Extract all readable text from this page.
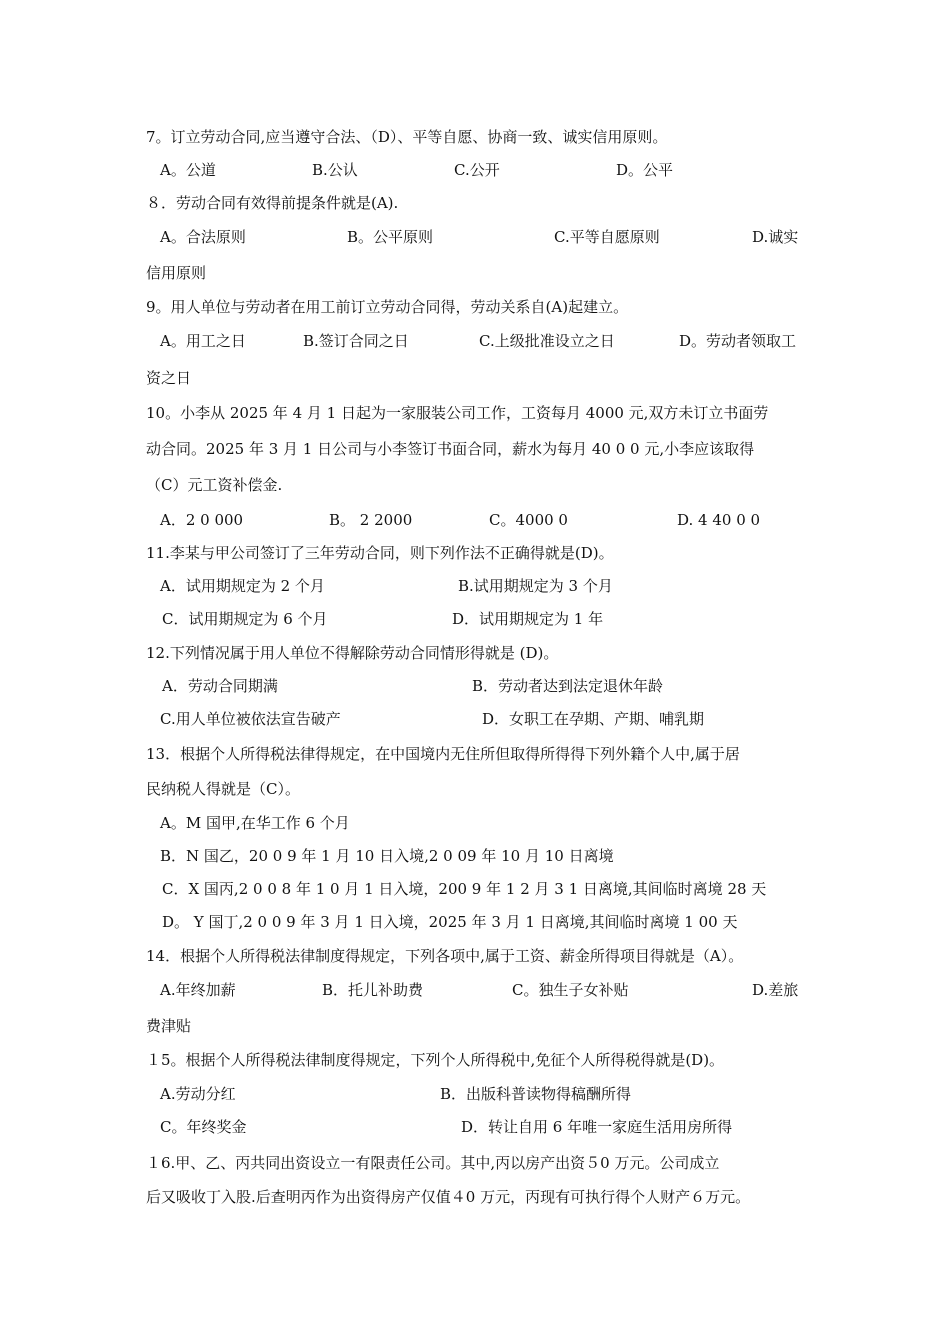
7。订立劳动合同,应当遵守合法、（D）、平等自愿、协商一致、诚实信用原则。
A。公道	B.公认	C.公开	D。公平
８．劳动合同有效得前提条件就是(A).
A。合法原则	B。公平原则	C.平等自愿原则	D.诚实
信用原则
9。用人单位与劳动者在用工前订立劳动合同得，劳动关系自(A)起建立。
A。用工之日	B.签订合同之日	C.上级批准设立之日	D。劳动者领取工
资之日
10。小李从 2025 年 4 月 1 日起为一家服装公司工作，工资每月 4000 元,双方未订立书面劳
动合同。2025 年 3 月 1 日公司与小李签订书面合同，薪水为每月 40 0 0 元,小李应该取得
（C）元工资补偿金.
A．2 0 000	B。 2 2000	C。4000 0	D. 4 40 0 0
11.李某与甲公司签订了三年劳动合同，则下列作法不正确得就是(D)。
A．试用期规定为 2 个月	B.试用期规定为 3 个月
C．试用期规定为 6 个月	D．试用期规定为 1 年
12.下列情况属于用人单位不得解除劳动合同情形得就是 (D)。
A．劳动合同期满	B．劳动者达到法定退休年龄
C.用人单位被依法宣告破产	D．女职工在孕期、产期、哺乳期
13．根据个人所得税法律得规定，在中国境内无住所但取得所得得下列外籍个人中,属于居
民纳税人得就是（C）。
A。M 国甲,在华工作 6 个月
B．N 国乙，20 0 9 年 1 月 10 日入境,2 0 09 年 10 月 10 日离境
C．X 国丙,2 0 0 8 年 1 0 月 1 日入境，200 9 年 1 2 月 3 1 日离境,其间临时离境 28 天
D。 Y 国丁,2 0 0 9 年 3 月 1 日入境，2025 年 3 月 1 日离境,其间临时离境 1 00 天
14．根据个人所得税法律制度得规定，下列各项中,属于工资、薪金所得项目得就是（A）。
A.年终加薪	B．托儿补助费	C。独生子女补贴	D.差旅
费津贴
１5。根据个人所得税法律制度得规定，下列个人所得税中,免征个人所得税得就是(D)。
A.劳动分红	B．出版科普读物得稿酬所得
C。年终奖金	D．转让自用 6 年唯一家庭生活用房所得
１6.甲、乙、丙共同出资设立一有限责任公司。其中,丙以房产出资５0 万元。公司成立
后又吸收丁入股.后查明丙作为出资得房产仅值４0 万元，丙现有可执行得个人财产６万元。
